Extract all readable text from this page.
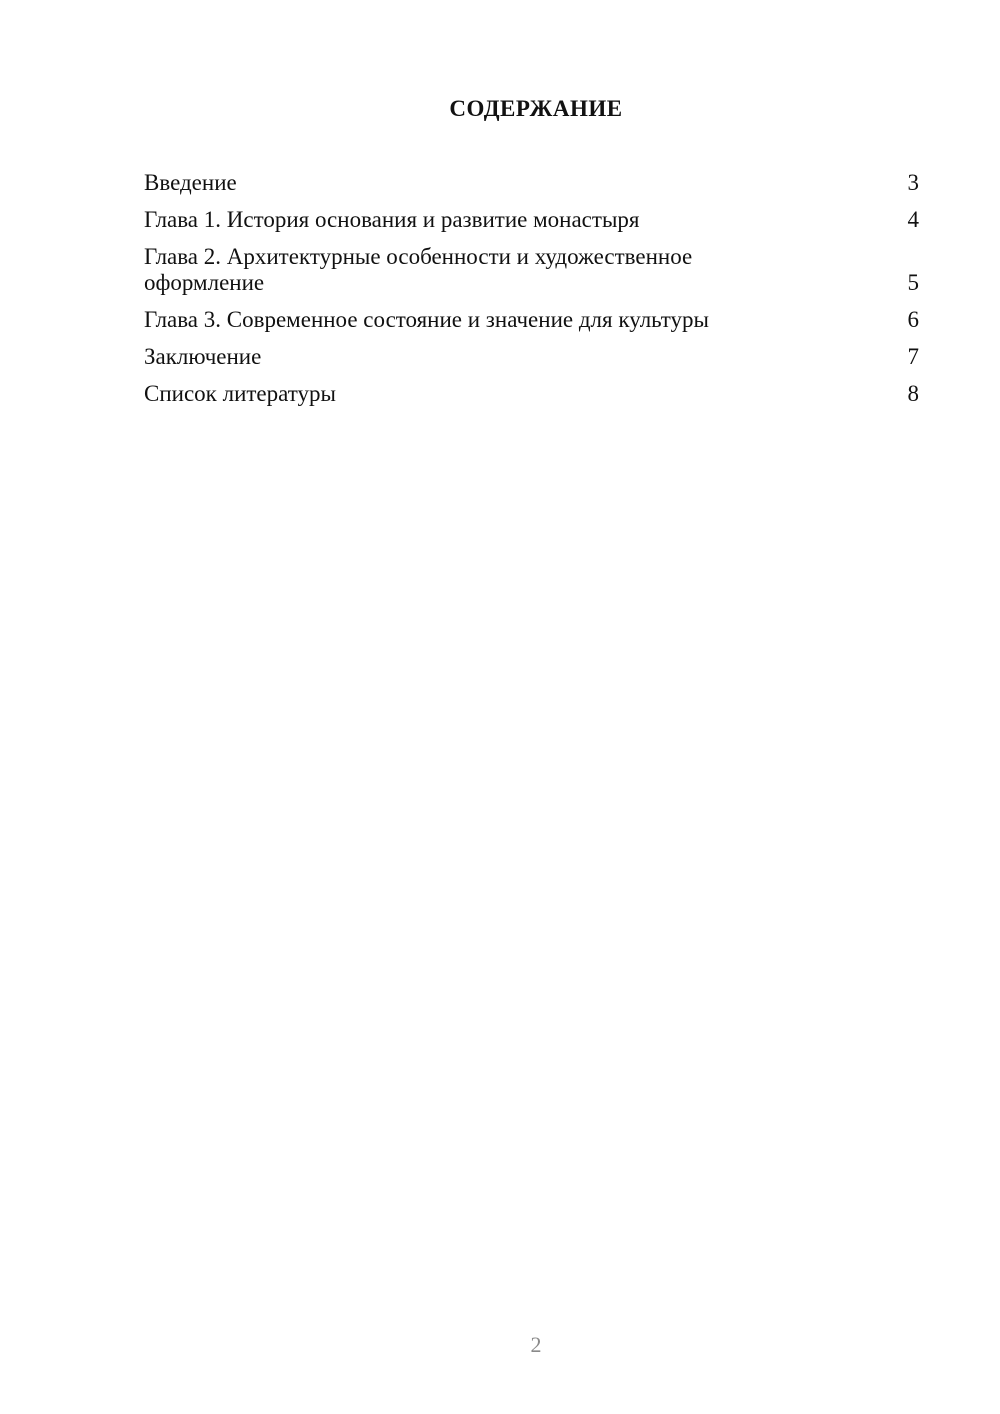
СОДЕРЖАНИЕ
Введение	3
Глава 1. История основания и развитие монастыря	4
Глава 2. Архитектурные особенности и художественное оформление	5
Глава 3. Современное состояние и значение для культуры	6
Заключение	7
Список литературы	8
2
